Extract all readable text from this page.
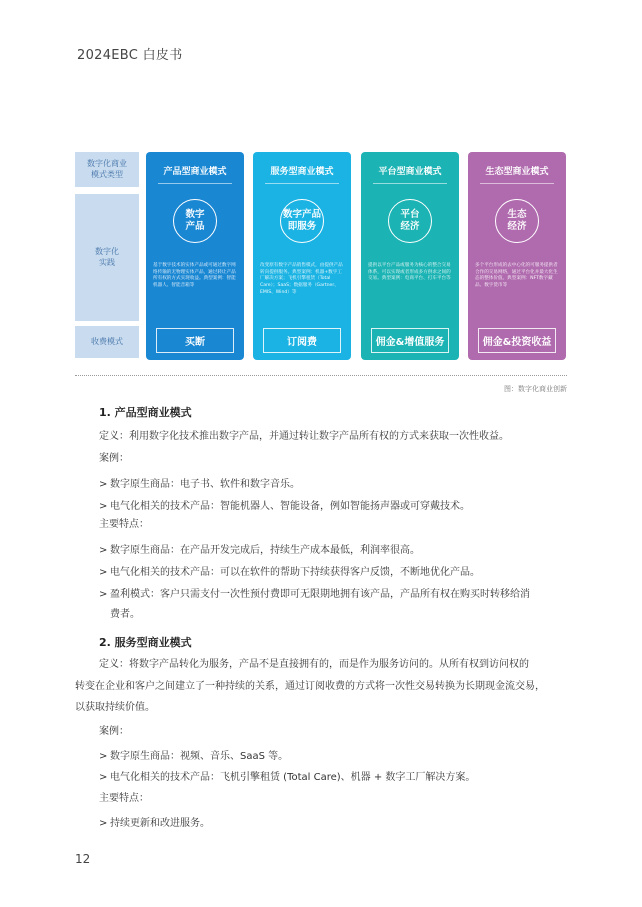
2024EBC 白皮书
数字化商业
模式类型
数字化
实践
收费模式
产品型商业模式
数字
产品
基于数字技术的实体产品或可通过数字网络传输的无物理实体产品，通过转让产品所有权的方式实现收益。典型案例：智能机器人、智能音箱等
买断
服务型商业模式
数字产品
即服务
改变原有数字产品销售模式，由提供产品转向提供服务。典型案例：机器+数字工厂解决方案；飞机引擎租赁（Total Care）；SaaS；数据服务（Gartner、EMIS、Wind）等
订阅费
平台型商业模式
平台
经济
提供以平台产品或服务为核心的整合交易体系，可以实现或者形成多方供求之间的交易。典型案例：电商平台、打车平台等
佣金&增值服务
生态型商业模式
生态
经济
多个平台形成的去中心化的可服务提供者合作的交易网络，通过平台化并最大化生态的整体价值。典型案例：NFT数字藏品、数字货币等
佣金&投资收益
图：数字化商业创新
1. 产品型商业模式
定义：利用数字化技术推出数字产品，并通过转让数字产品所有权的方式来获取一次性收益。
案例：
> 数字原生商品：电子书、软件和数字音乐。
> 电气化相关的技术产品：智能机器人、智能设备，例如智能扬声器或可穿戴技术。
主要特点：
> 数字原生商品：在产品开发完成后，持续生产成本最低，利润率很高。
> 电气化相关的技术产品：可以在软件的帮助下持续获得客户反馈，不断地优化产品。
> 盈利模式：客户只需支付一次性预付费即可无限期地拥有该产品，产品所有权在购买时转移给消
费者。
2. 服务型商业模式
定义：将数字产品转化为服务，产品不是直接拥有的，而是作为服务访问的。从所有权到访问权的
转变在企业和客户之间建立了一种持续的关系，通过订阅收费的方式将一次性交易转换为长期现金流交易，
以获取持续价值。
案例：
> 数字原生商品：视频、音乐、SaaS 等。
> 电气化相关的技术产品：飞机引擎租赁 (Total Care)、机器 + 数字工厂解决方案。
主要特点：
> 持续更新和改进服务。
12
